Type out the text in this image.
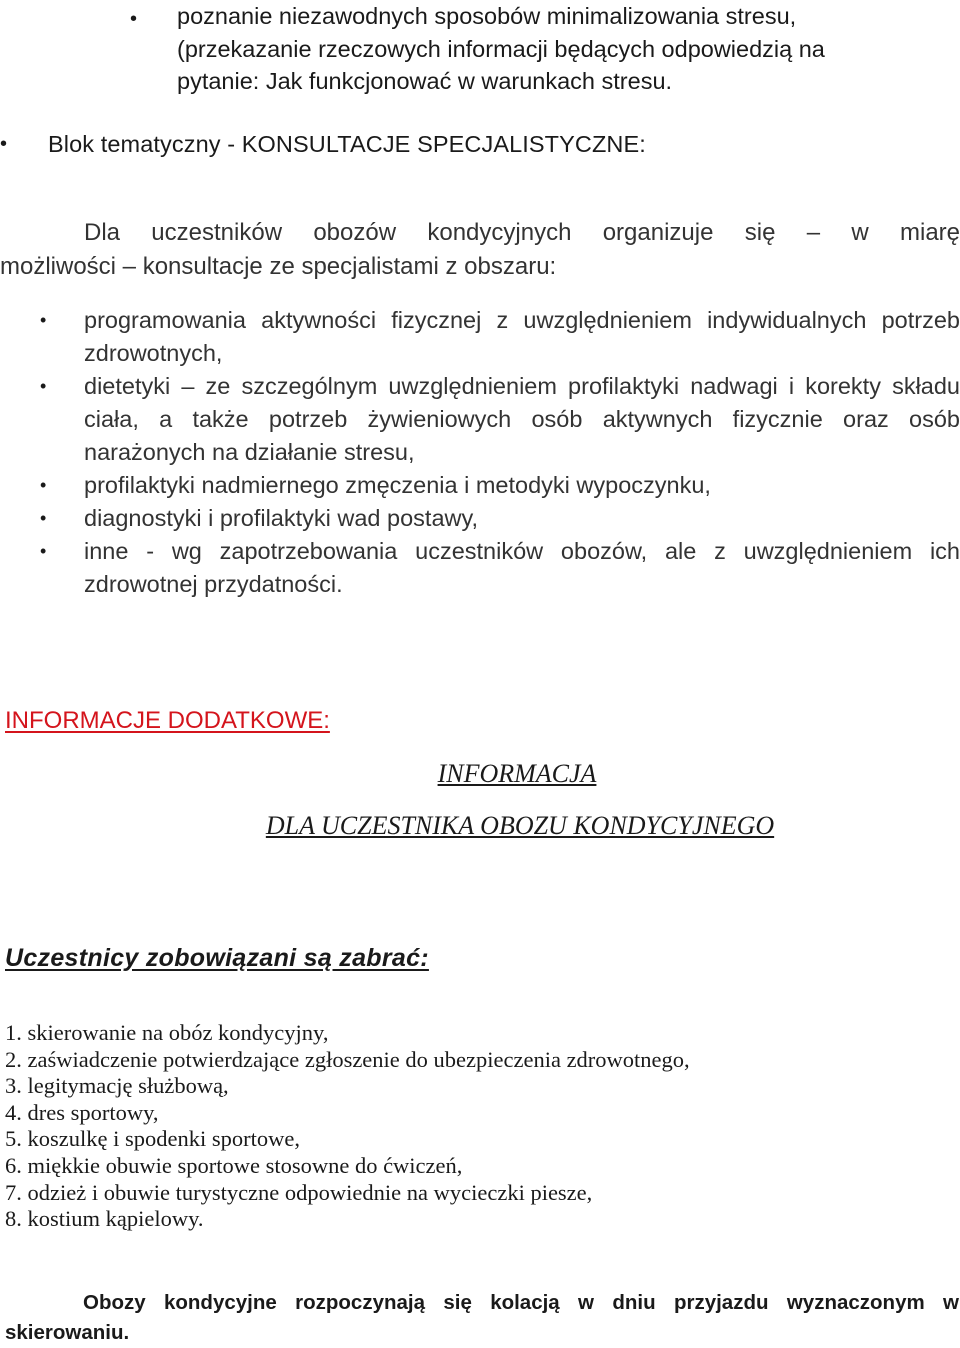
• poznanie niezawodnych sposobów minimalizowania stresu,
(przekazanie rzeczowych informacji będących odpowiedzią na
pytanie: Jak funkcjonować w warunkach stresu.
• Blok tematyczny - KONSULTACJE SPECJALISTYCZNE:
Dla uczestników obozów kondycyjnych organizuje się – w miarę
możliwości – konsultacje ze specjalistami z obszaru:
• programowania aktywności fizycznej z uwzględnieniem indywidualnych potrzeb zdrowotnych,
• dietetyki – ze szczególnym uwzględnieniem profilaktyki nadwagi i korekty składu ciała, a także potrzeb żywieniowych osób aktywnych fizycznie oraz osób narażonych na działanie stresu,
• profilaktyki nadmiernego zmęczenia i metodyki wypoczynku,
• diagnostyki i profilaktyki wad postawy,
• inne - wg zapotrzebowania uczestników obozów, ale z uwzględnieniem ich zdrowotnej przydatności.
INFORMACJE DODATKOWE:
INFORMACJA
DLA UCZESTNIKA OBOZU KONDYCYJNEGO
Uczestnicy zobowiązani są zabrać:
1. skierowanie na obóz kondycyjny,
2. zaświadczenie potwierdzające zgłoszenie do ubezpieczenia zdrowotnego,
3. legitymację służbową,
4. dres sportowy,
5. koszulkę i spodenki sportowe,
6. miękkie obuwie sportowe stosowne do ćwiczeń,
7. odzież i obuwie turystyczne odpowiednie na wycieczki piesze,
8. kostium kąpielowy.
Obozy kondycyjne rozpoczynają się kolacją w dniu przyjazdu wyznaczonym w
skierowaniu.
